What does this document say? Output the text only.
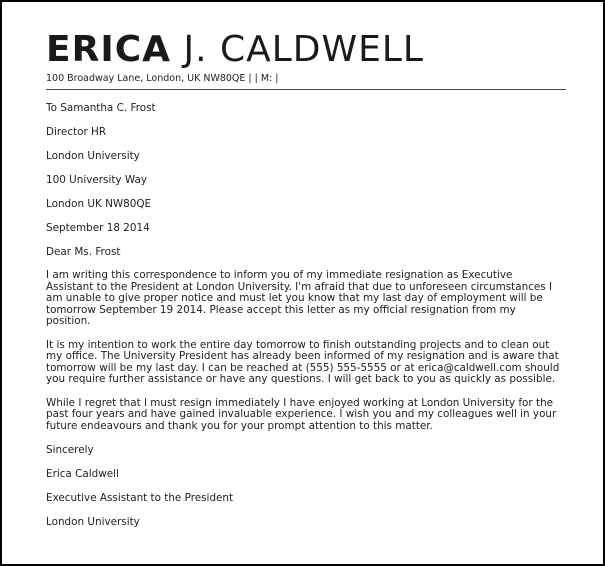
ERICA J. CALDWELL
100 Broadway Lane, London, UK NW80QE | | M: |
To Samantha C. Frost
Director HR
London University
100 University Way
London UK NW80QE
September 18 2014
Dear Ms. Frost
I am writing this correspondence to inform you of my immediate resignation as Executive Assistant to the President at London University. I'm afraid that due to unforeseen circumstances I am unable to give proper notice and must let you know that my last day of employment will be tomorrow September 19 2014. Please accept this letter as my official resignation from my position.
It is my intention to work the entire day tomorrow to finish outstanding projects and to clean out my office. The University President has already been informed of my resignation and is aware that tomorrow will be my last day. I can be reached at (555) 555-5555 or at erica@caldwell.com should you require further assistance or have any questions. I will get back to you as quickly as possible.
While I regret that I must resign immediately I have enjoyed working at London University for the past four years and have gained invaluable experience. I wish you and my colleagues well in your future endeavours and thank you for your prompt attention to this matter.
Sincerely
Erica Caldwell
Executive Assistant to the President
London University
